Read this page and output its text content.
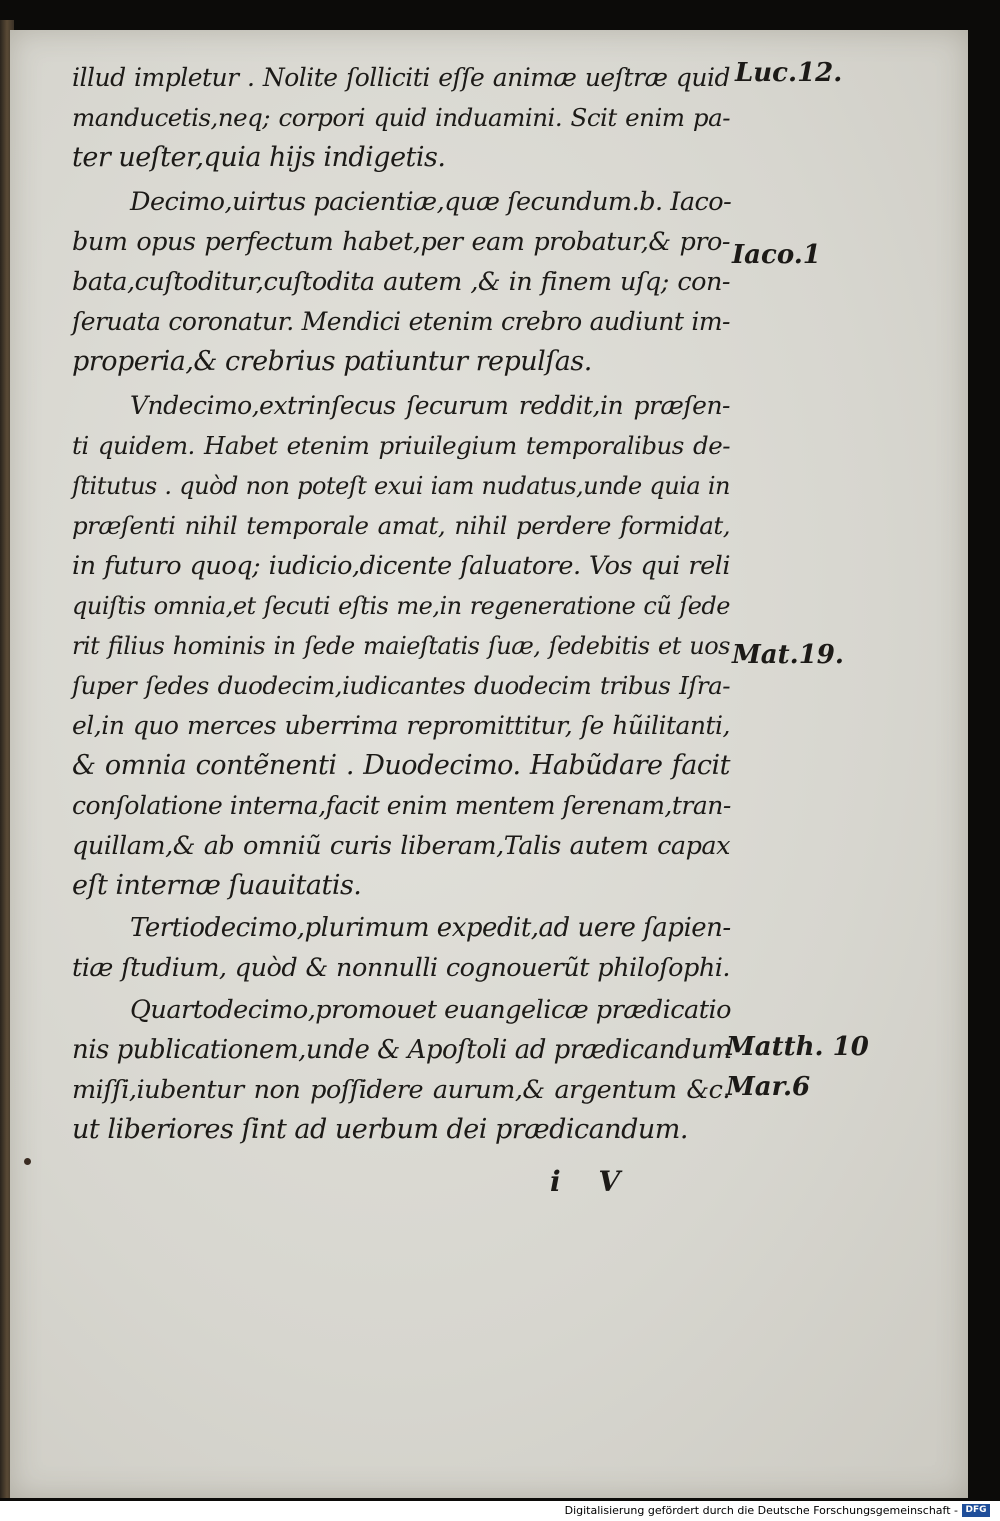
illud impletur . Nolite ſolliciti eſſe animæ ueſtræ quid
manducetis,neq; corpori quid induamini. Scit enim pa-
ter ueſter,quia hijs indigetis.
Decimo,uirtus pacientiæ,quæ ſecundum.b. Iaco-
bum opus perfectum habet,per eam probatur,& pro-
bata,cuſtoditur,cuſtodita autem ,& in finem uſq; con-
ſeruata coronatur. Mendici etenim crebro audiunt im-
properia,& crebrius patiuntur repulſas.
Vndecimo,extrinſecus ſecurum reddit,in præſen-
ti quidem. Habet etenim priuilegium temporalibus de-
ſtitutus . quòd non poteſt exui iam nudatus,unde quia in
præſenti nihil temporale amat, nihil perdere formidat,
in futuro quoq; iudicio,dicente ſaluatore. Vos qui reli
quiſtis omnia,et ſecuti eſtis me,in regeneratione cũ ſede
rit filius hominis in ſede maieſtatis ſuæ, ſedebitis et uos
ſuper ſedes duodecim,iudicantes duodecim tribus Iſra-
el,in quo merces uberrima repromittitur, ſe hũilitanti,
& omnia contẽnenti . Duodecimo. Habũdare facit
conſolatione interna,facit enim mentem ſerenam,tran-
quillam,& ab omniũ curis liberam,Talis autem capax
eſt internæ ſuauitatis.
Tertiodecimo,plurimum expedit,ad uere ſapien-
tiæ ſtudium, quòd & nonnulli cognouerũt philoſophi.
Quartodecimo,promouet euangelicæ prædicatio
nis publicationem,unde & Apoſtoli ad prædicandum
miſſi,iubentur non poſſidere aurum,& argentum &c.
ut liberiores ſint ad uerbum dei prædicandum.
Luc.12.
Iaco.1
Mat.19.
Matth. 10
Mar.6
i V
Digitalisierung gefördert durch die Deutsche Forschungsgemeinschaft - DFG
